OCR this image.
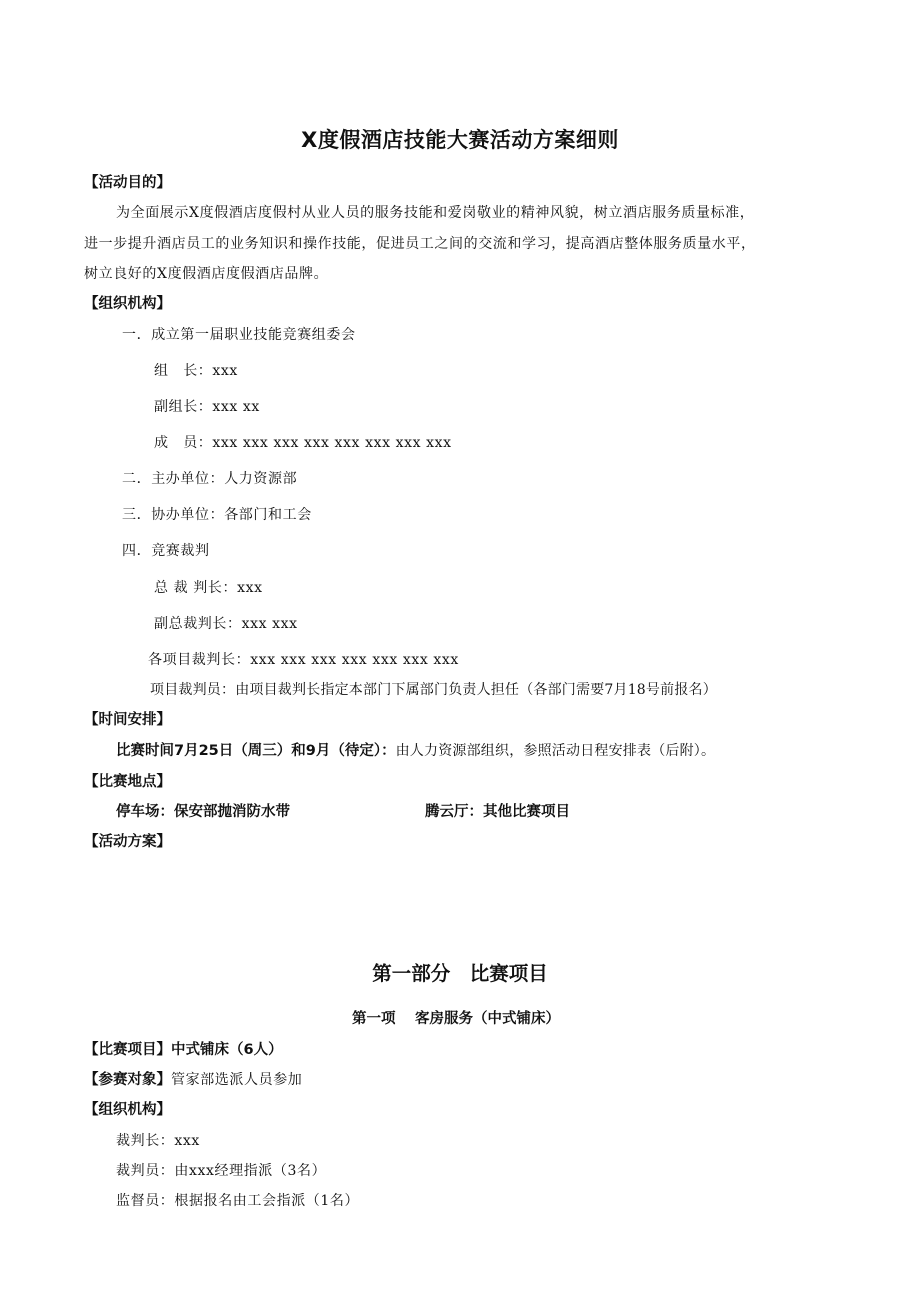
X度假酒店技能大赛活动方案细则
【活动目的】
为全面展示X度假酒店度假村从业人员的服务技能和爱岗敬业的精神风貌，树立酒店服务质量标准，
进一步提升酒店员工的业务知识和操作技能，促进员工之间的交流和学习，提高酒店整体服务质量水平，
树立良好的X度假酒店度假酒店品牌。
【组织机构】
一．成立第一届职业技能竞赛组委会
组　长：xxx
副组长：xxx xx
成　员：xxx xxx xxx xxx xxx xxx xxx xxx
二．主办单位：人力资源部
三．协办单位：各部门和工会
四．竞赛裁判
总 裁 判长：xxx
副总裁判长：xxx xxx
各项目裁判长：xxx xxx xxx xxx xxx xxx xxx
项目裁判员：由项目裁判长指定本部门下属部门负责人担任（各部门需要7月18号前报名）
【时间安排】
比赛时间7月25日（周三）和9月（待定）：由人力资源部组织，参照活动日程安排表（后附）。
【比赛地点】
停车场：保安部抛消防水带	腾云厅：其他比赛项目
【活动方案】
第一部分　比赛项目
第一项　 客房服务（中式铺床）
【比赛项目】中式铺床（6人）
【参赛对象】管家部选派人员参加
【组织机构】
裁判长：xxx
裁判员：由xxx经理指派（3名）
监督员：根据报名由工会指派（1名）
